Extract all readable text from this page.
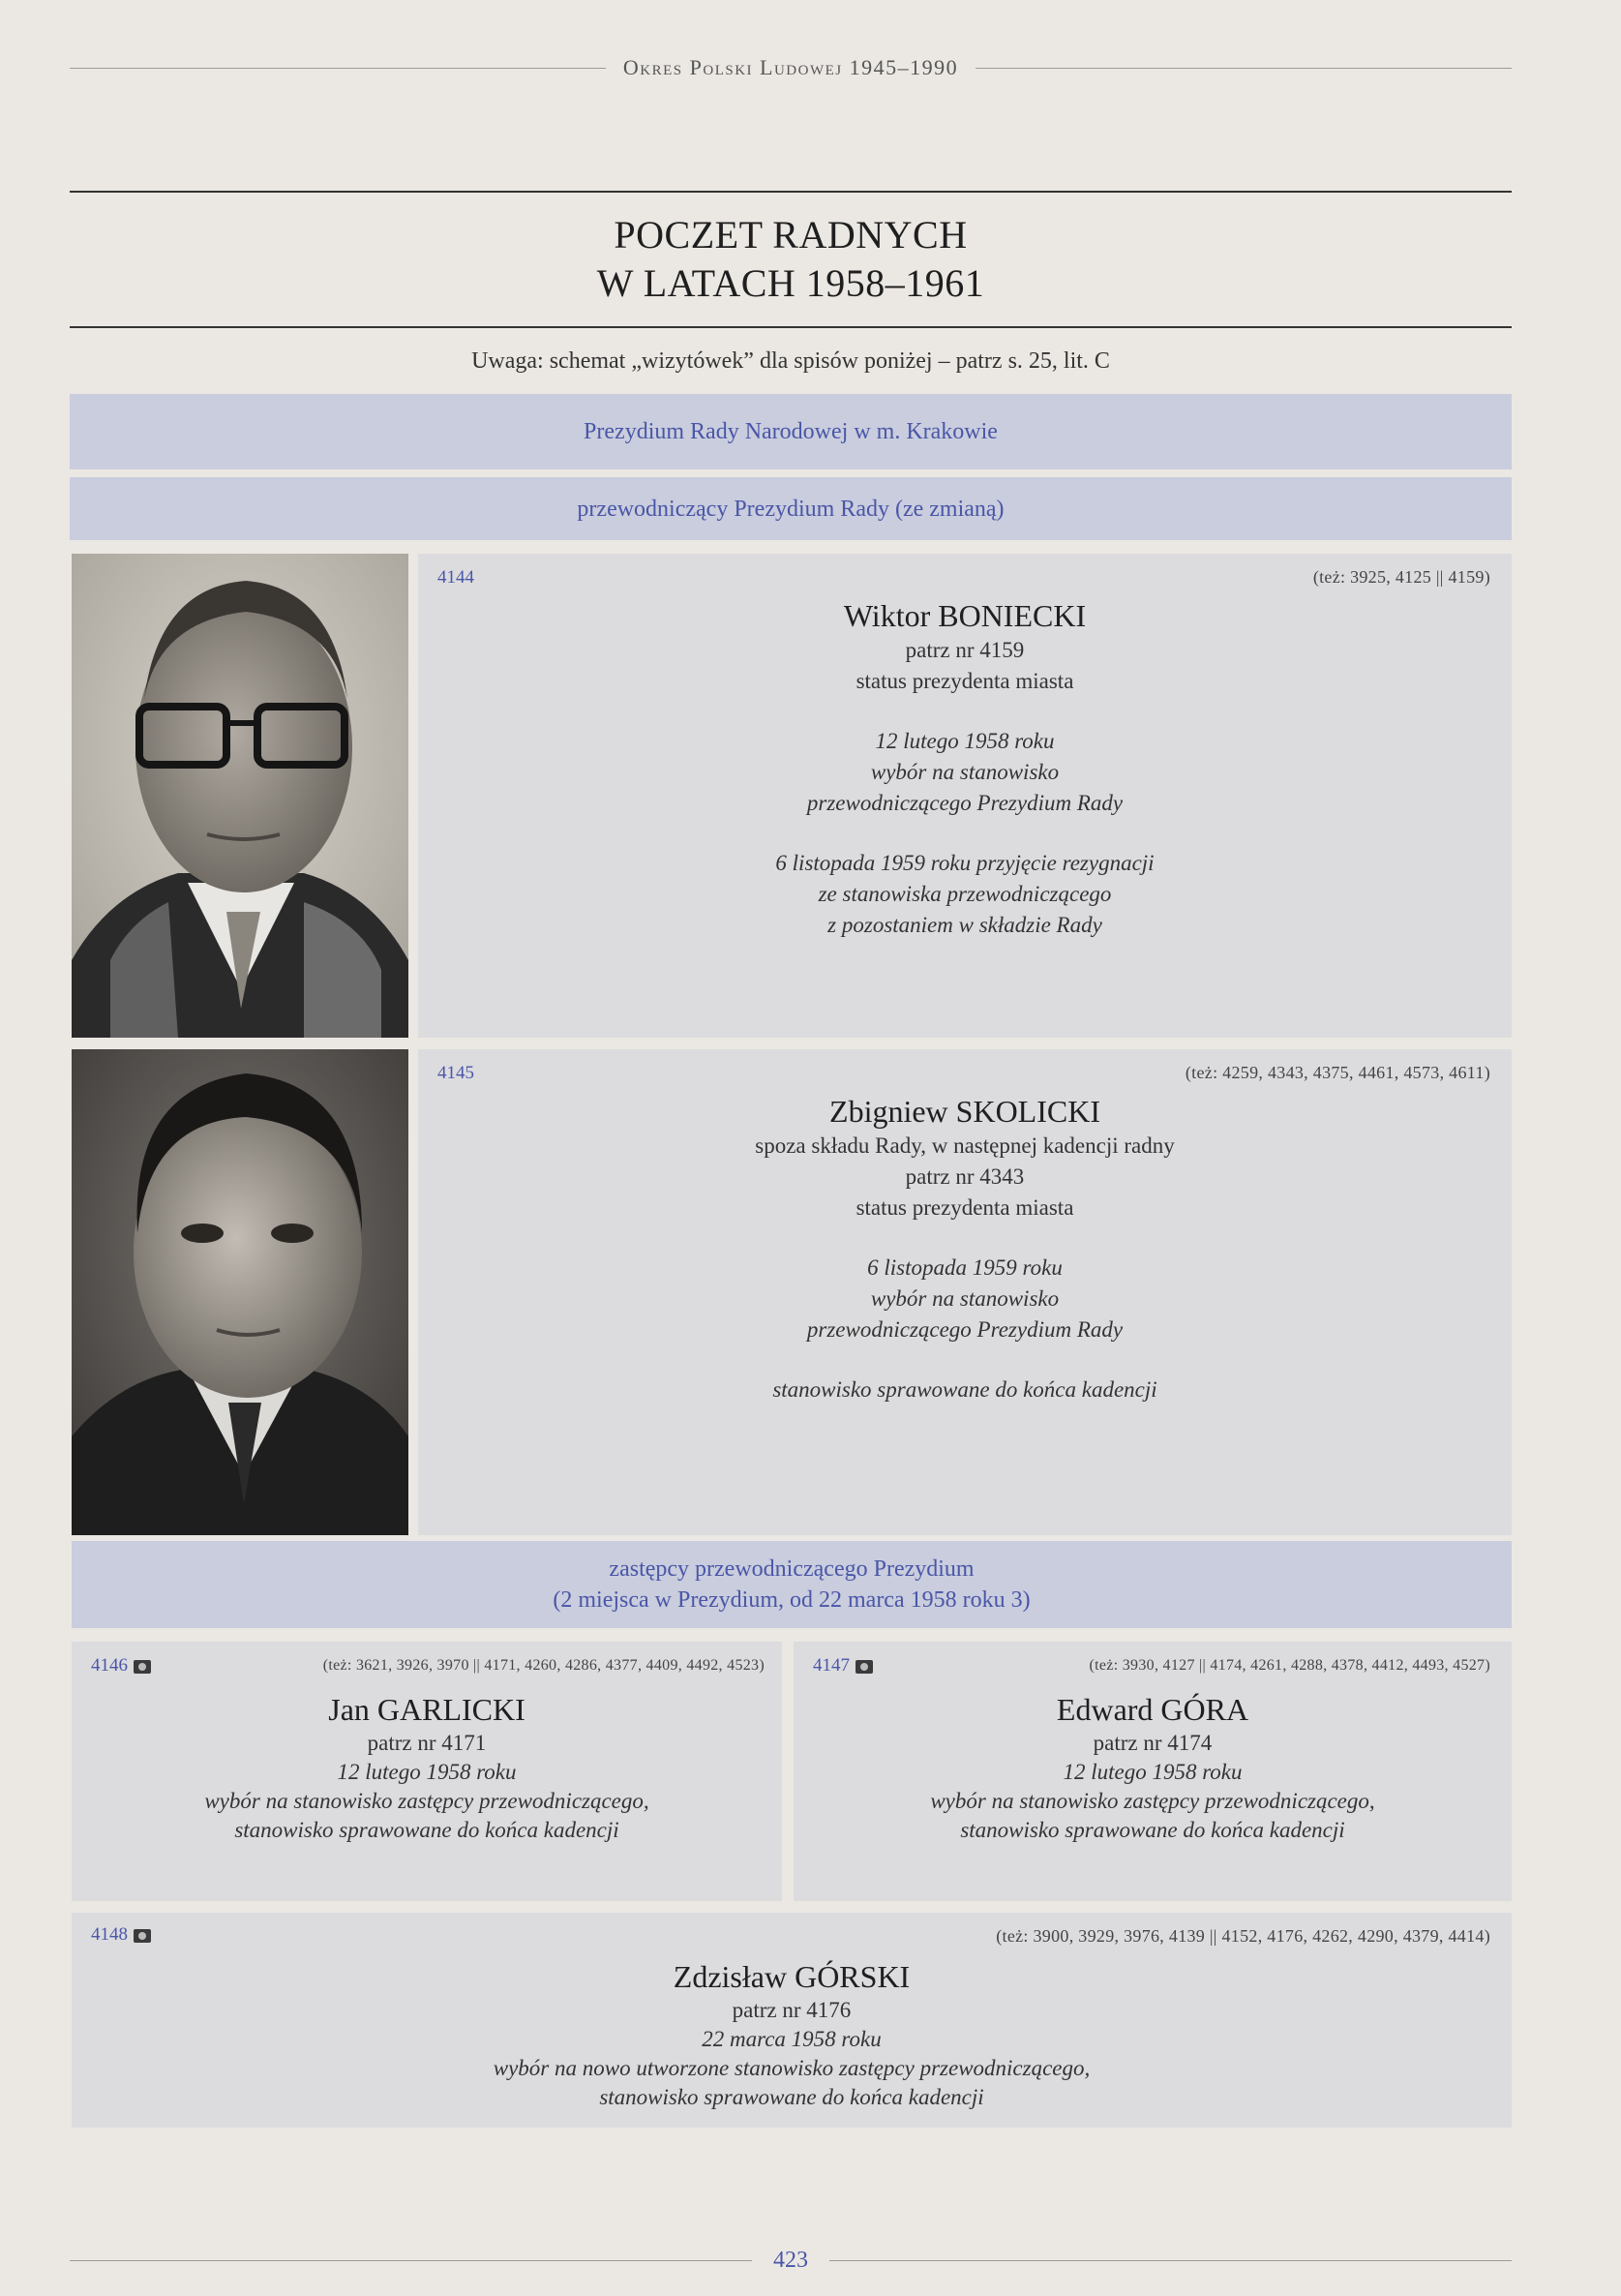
Okres Polski Ludowej 1945–1990
POCZET RADNYCH
W LATACH 1958–1961
Uwaga: schemat „wizytówek” dla spisów poniżej – patrz s. 25, lit. C
Prezydium Rady Narodowej w m. Krakowie
przewodniczący Prezydium Rady (ze zmianą)
4144	(też: 3925, 4125 || 4159)
Wiktor BONIECKI
patrz nr 4159
status prezydenta miasta
12 lutego 1958 roku
wybór na stanowisko
przewodniczącego Prezydium Rady
6 listopada 1959 roku przyjęcie rezygnacji
ze stanowiska przewodniczącego
z pozostaniem w składzie Rady
4145	(też: 4259, 4343, 4375, 4461, 4573, 4611)
Zbigniew SKOLICKI
spoza składu Rady, w następnej kadencji radny
patrz nr 4343
status prezydenta miasta
6 listopada 1959 roku
wybór na stanowisko
przewodniczącego Prezydium Rady
stanowisko sprawowane do końca kadencji
zastępcy przewodniczącego Prezydium
(2 miejsca w Prezydium, od 22 marca 1958 roku 3)
4146	(też: 3621, 3926, 3970 || 4171, 4260, 4286, 4377, 4409, 4492, 4523)
Jan GARLICKI
patrz nr 4171
12 lutego 1958 roku
wybór na stanowisko zastępcy przewodniczącego,
stanowisko sprawowane do końca kadencji
4147	(też: 3930, 4127 || 4174, 4261, 4288, 4378, 4412, 4493, 4527)
Edward GÓRA
patrz nr 4174
12 lutego 1958 roku
wybór na stanowisko zastępcy przewodniczącego,
stanowisko sprawowane do końca kadencji
4148	(też: 3900, 3929, 3976, 4139 || 4152, 4176, 4262, 4290, 4379, 4414)
Zdzisław GÓRSKI
patrz nr 4176
22 marca 1958 roku
wybór na nowo utworzone stanowisko zastępcy przewodniczącego,
stanowisko sprawowane do końca kadencji
423
